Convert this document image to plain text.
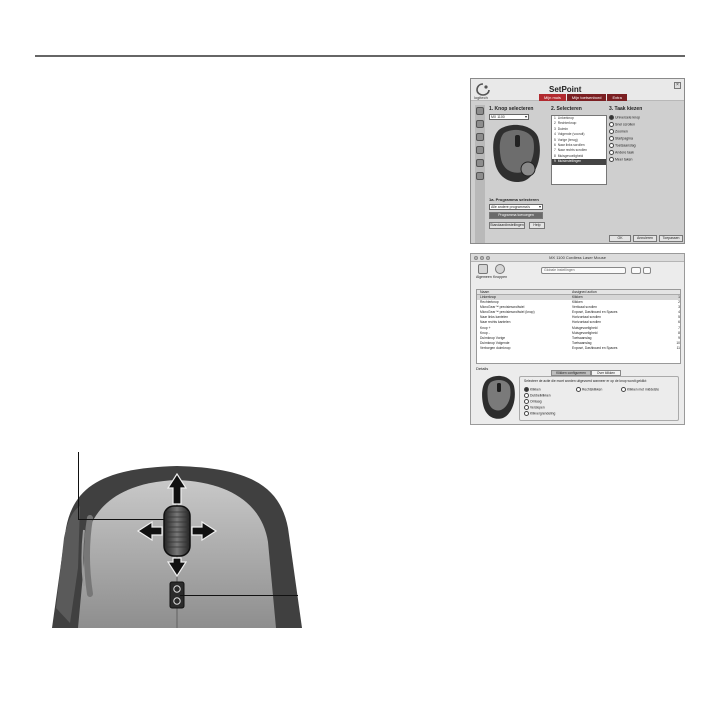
logitech
SetPoint	×
Mijn muis	Mijn toetsenbord	Extra
1. Knop selecteren
MX 1100 ▾
2. Selecteren
1 Linkerknop
2 Rechterknop
3 Duimin
4 Volgende (vooruit)
5 Vorige (terug)
6 Naar links scrollen
7 Naar rechts scrollen
8 Muisgevoeligheid
9 Muisinstellingen
3. Taak kiezen
Universele knop
Snel scrollen
Zoomen
Startpagina
Toetsaanslag
Andere taak
Meer taken
1a. Programma selecteren
Alle andere programma's ▾
Programma toevoegen
Standaardinstellingen	Help
OK	Annuleren	Toepassen
MX 1100 Cordless Laser Mouse
Algemeen Knoppen
Globale instellingen
Naam	Assigned action
Linkerknop	Klikken	1
Rechterknop	Klikken	2
MicroGear™ precisiescrollwiel	Verticaal scrollen	3
MicroGear™ precisiescrollwiel (knop)	Exposé, Dashboard en Spaces	4
Naar links kantelen	Horizontaal scrollen	5
Naar rechts kantelen	Horizontaal scrollen	6
Knop +	Muisgevoeligheid	7
Knop -	Muisgevoeligheid	8
Duimknop Vorige	Toetsaanslag	9
Duimknop Volgende	Toetsaanslag	10
Verborgen duimknop	Exposé, Dashboard en Spaces	11
Details
Klikken configureren	Over klikken
Selecteer de actie die moet worden uitgevoerd wanneer er op de knop wordt geklikt:
Klikken	Rechtsklikken	Klikken met middelste
Dubbelklikken
Omlaag
Verslepen
Klikvergrendeling
